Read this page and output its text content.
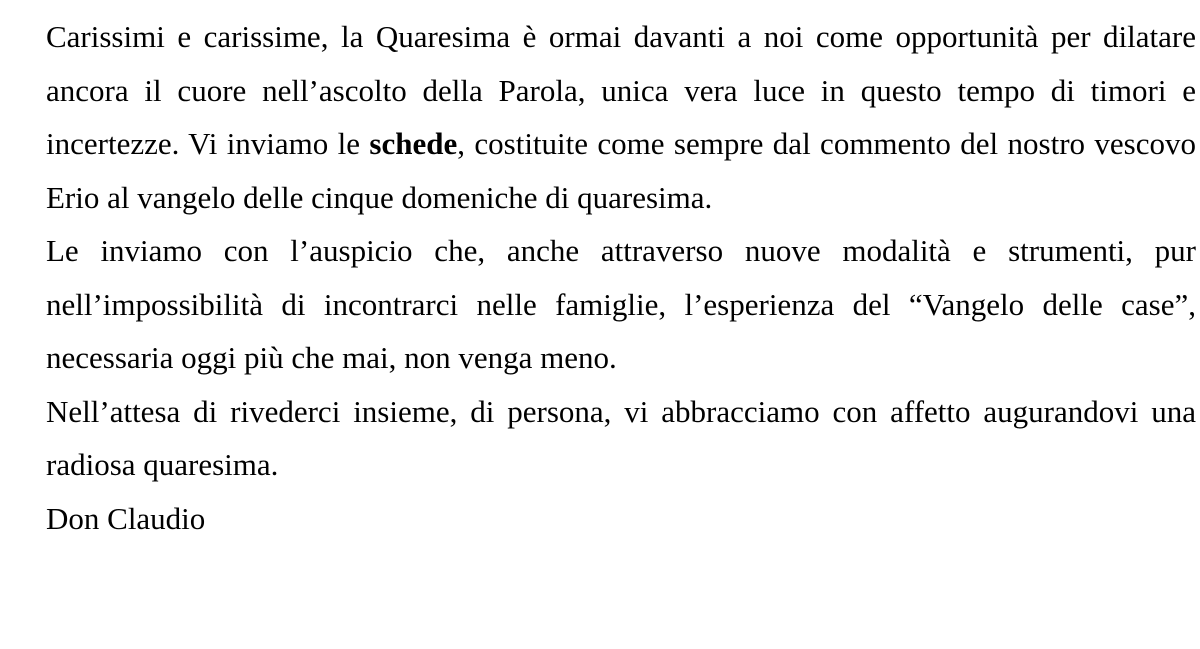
Carissimi e carissime, la Quaresima è ormai davanti a noi come opportunità per dilatare ancora il cuore nell’ascolto della Parola, unica vera luce in questo tempo di timori e incertezze. Vi inviamo le schede, costituite come sempre dal commento del nostro vescovo Erio al vangelo delle cinque domeniche di quaresima.

Le inviamo con l’auspicio che, anche attraverso nuove modalità e strumenti, pur nell’impossibilità di incontrarci nelle famiglie, l’esperienza del “Vangelo delle case”, necessaria oggi più che mai, non venga meno.

Nell’attesa di rivederci insieme, di persona, vi abbracciamo con affetto augurandovi una radiosa quaresima.

Don Claudio
